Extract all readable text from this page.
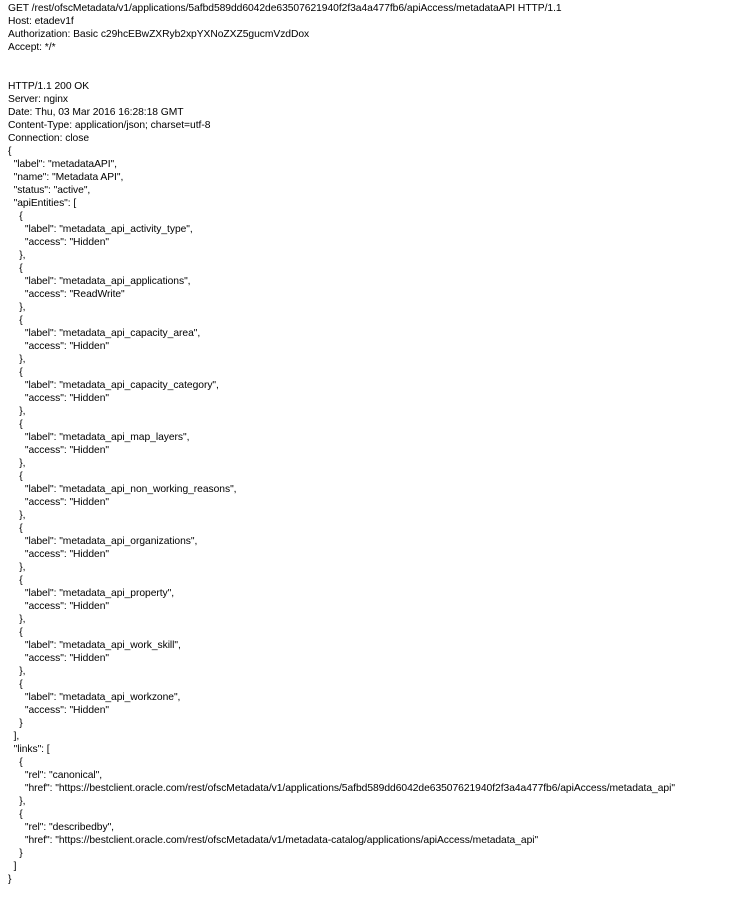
GET /rest/ofscMetadata/v1/applications/5afbd589dd6042de63507621940f2f3a4a477fb6/apiAccess/metadataAPI HTTP/1.1
Host: etadev1f
Authorization: Basic c29hcEBwZXRyb2xpYXNoZXZ5gucmVzdDox
Accept: */*
HTTP/1.1 200 OK
Server: nginx
Date: Thu, 03 Mar 2016 16:28:18 GMT
Content-Type: application/json; charset=utf-8
Connection: close
{
"label": "metadataAPI",
"name": "Metadata API",
"status": "active",
"apiEntities": [
{
"label": "metadata_api_activity_type",
"access": "Hidden"
},
{
"label": "metadata_api_applications",
"access": "ReadWrite"
},
{
"label": "metadata_api_capacity_area",
"access": "Hidden"
},
{
"label": "metadata_api_capacity_category",
"access": "Hidden"
},
{
"label": "metadata_api_map_layers",
"access": "Hidden"
},
{
"label": "metadata_api_non_working_reasons",
"access": "Hidden"
},
{
"label": "metadata_api_organizations",
"access": "Hidden"
},
{
"label": "metadata_api_property",
"access": "Hidden"
},
{
"label": "metadata_api_work_skill",
"access": "Hidden"
},
{
"label": "metadata_api_workzone",
"access": "Hidden"
}
],
"links": [
{
"rel": "canonical",
"href": "https://bestclient.oracle.com/rest/ofscMetadata/v1/applications/5afbd589dd6042de63507621940f2f3a4a477fb6/apiAccess/metadata_api"
},
{
"rel": "describedby",
"href": "https://bestclient.oracle.com/rest/ofscMetadata/v1/metadata-catalog/applications/apiAccess/metadata_api"
}
]
}
